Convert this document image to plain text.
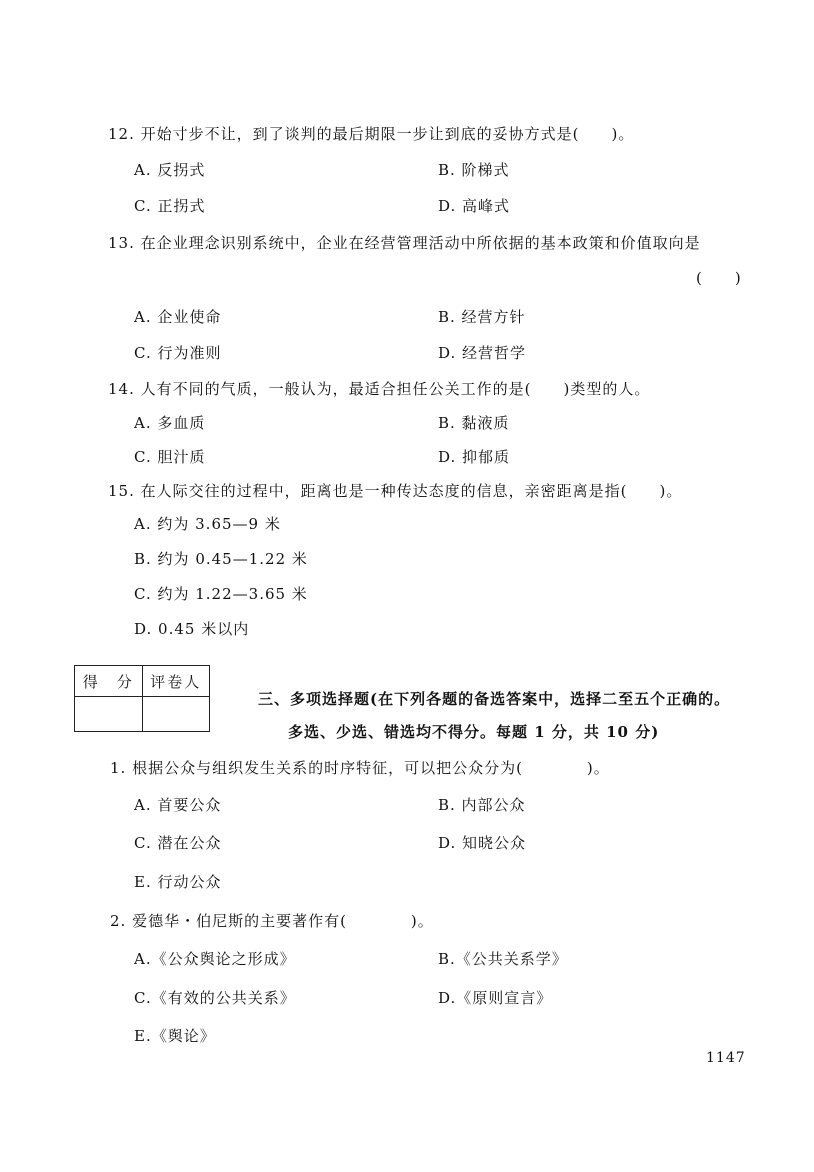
12. 开始寸步不让，到了谈判的最后期限一步让到底的妥协方式是(　　)。
A. 反拐式	B. 阶梯式
C. 正拐式	D. 高峰式
13. 在企业理念识别系统中，企业在经营管理活动中所依据的基本政策和价值取向是
(　　)
A. 企业使命	B. 经营方针
C. 行为准则	D. 经营哲学
14. 人有不同的气质，一般认为，最适合担任公关工作的是(　　)类型的人。
A. 多血质	B. 黏液质
C. 胆汁质	D. 抑郁质
15. 在人际交往的过程中，距离也是一种传达态度的信息，亲密距离是指(　　)。
A. 约为 3.65—9 米
B. 约为 0.45—1.22 米
C. 约为 1.22—3.65 米
D. 0.45 米以内
得　分	评卷人

三、多项选择题(在下列各题的备选答案中，选择二至五个正确的。
多选、少选、错选均不得分。每题 1 分，共 10 分)
1. 根据公众与组织发生关系的时序特征，可以把公众分为(　　　　)。
A. 首要公众	B. 内部公众
C. 潜在公众	D. 知晓公众
E. 行动公众
2. 爱德华・伯尼斯的主要著作有(　　　　)。
A.《公众舆论之形成》	B.《公共关系学》
C.《有效的公共关系》	D.《原则宣言》
E.《舆论》
1147
